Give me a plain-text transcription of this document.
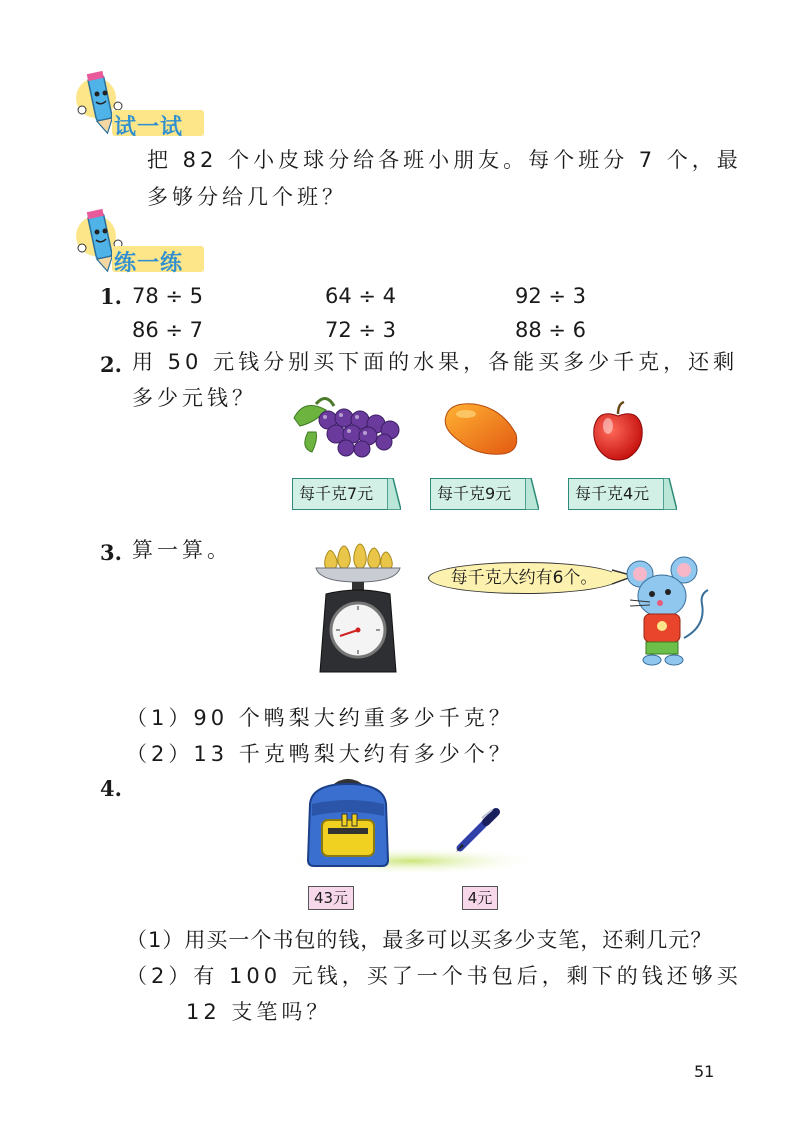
试一试
把 82 个小皮球分给各班小朋友。每个班分 7 个，最
多够分给几个班？
练一练
1. 78 ÷ 5	64 ÷ 4	92 ÷ 3
86 ÷ 7	72 ÷ 3	88 ÷ 6
2. 用 50 元钱分别买下面的水果，各能买多少千克，还剩
多少元钱？
每千克7元	每千克9元	每千克4元
3. 算一算。
每千克大约有6个。
（1）90 个鸭梨大约重多少千克？
（2）13 千克鸭梨大约有多少个？
4.
43元	4元
（1）用买一个书包的钱，最多可以买多少支笔，还剩几元？
（2）有 100 元钱，买了一个书包后，剩下的钱还够买
12 支笔吗？
51
